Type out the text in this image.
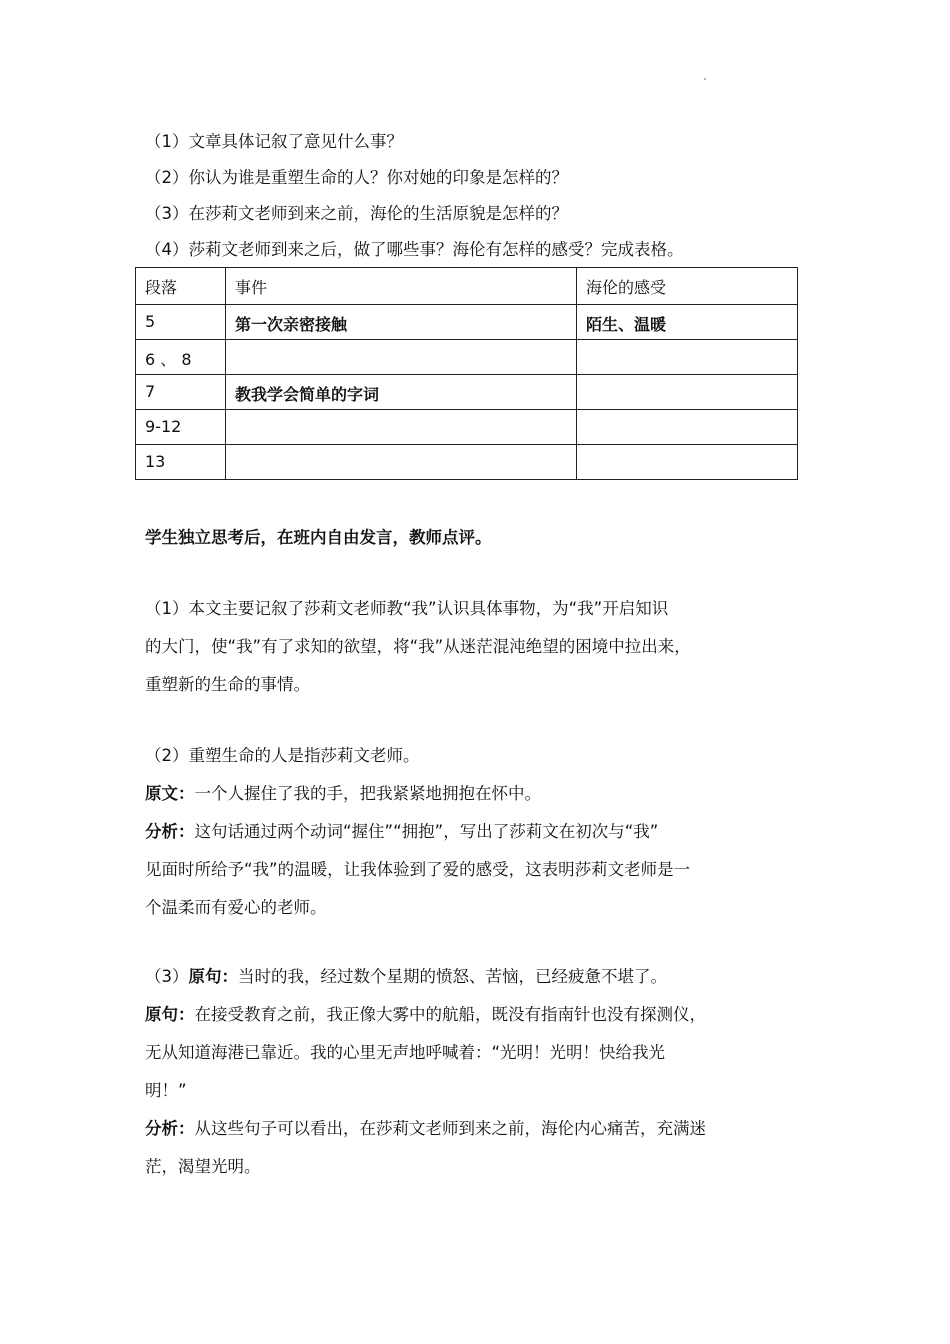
（1）文章具体记叙了意见什么事？
（2）你认为谁是重塑生命的人？你对她的印象是怎样的？
（3）在莎莉文老师到来之前，海伦的生活原貌是怎样的？
（4）莎莉文老师到来之后，做了哪些事？海伦有怎样的感受？完成表格。
段落	事件	海伦的感受
5	第一次亲密接触	陌生、温暖
6 、 8		
7	教我学会简单的字词	
9-12		
13		
学生独立思考后，在班内自由发言，教师点评。
（1）本文主要记叙了莎莉文老师教“我”认识具体事物，为“我”开启知识
的大门，使“我”有了求知的欲望，将“我”从迷茫混沌绝望的困境中拉出来，
重塑新的生命的事情。
（2）重塑生命的人是指莎莉文老师。
原文：一个人握住了我的手，把我紧紧地拥抱在怀中。
分析：这句话通过两个动词“握住”“拥抱”，写出了莎莉文在初次与“我”
见面时所给予“我”的温暖，让我体验到了爱的感受，这表明莎莉文老师是一
个温柔而有爱心的老师。
（3）原句：当时的我，经过数个星期的愤怒、苦恼，已经疲惫不堪了。
原句：在接受教育之前，我正像大雾中的航船，既没有指南针也没有探测仪，
无从知道海港已靠近。我的心里无声地呼喊着：“光明！光明！快给我光
明！”
分析：从这些句子可以看出，在莎莉文老师到来之前，海伦内心痛苦，充满迷
茫，渴望光明。
